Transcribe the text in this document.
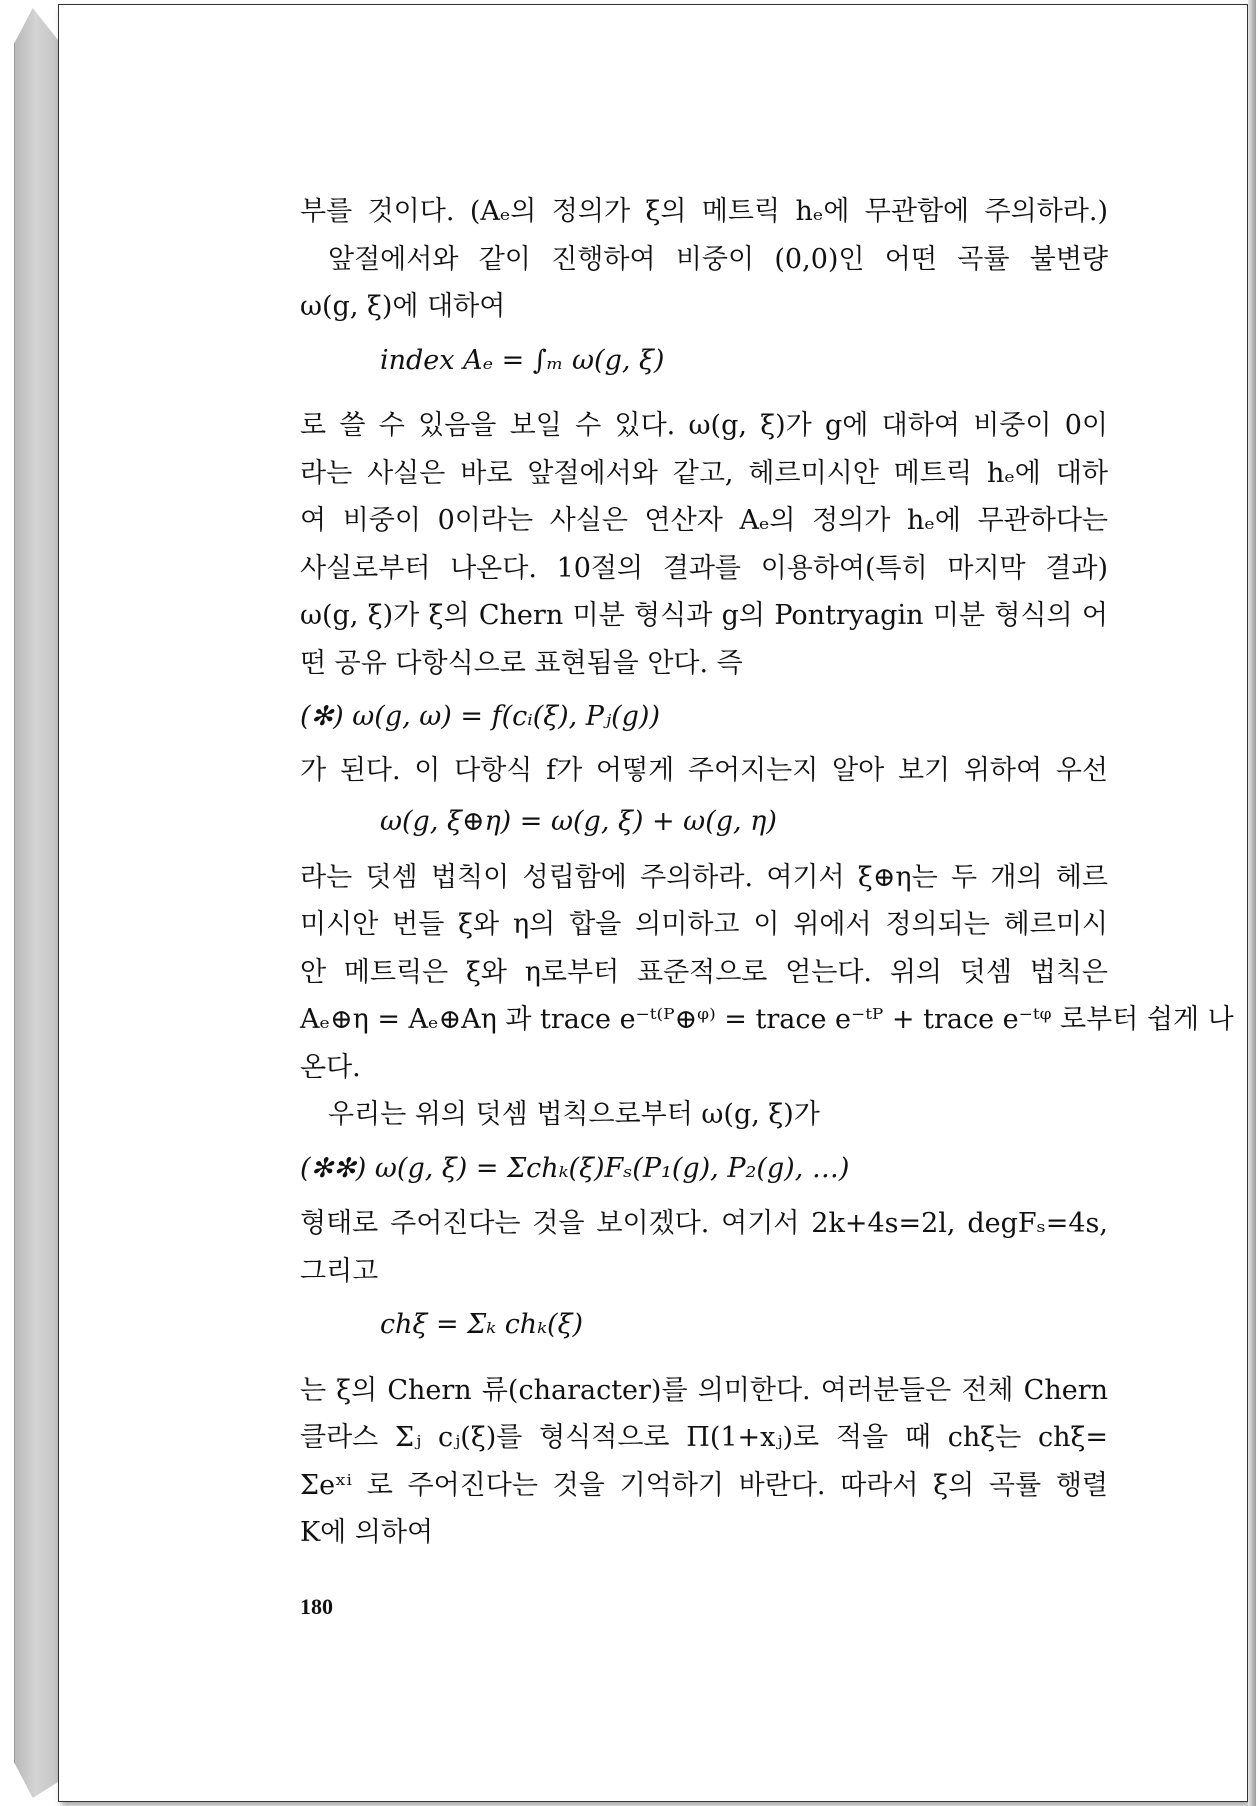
부를 것이다. (Aₑ의 정의가 ξ의 메트릭 hₑ에 무관함에 주의하라.)
앞절에서와 같이 진행하여 비중이 (0,0)인 어떤 곡률 불변량
ω(g, ξ)에 대하여
index Aₑ = ∫ₘ ω(g, ξ)
로 쓸 수 있음을 보일 수 있다. ω(g, ξ)가 g에 대하여 비중이 0이
라는 사실은 바로 앞절에서와 같고, 헤르미시안 메트릭 hₑ에 대하
여 비중이 0이라는 사실은 연산자 Aₑ의 정의가 hₑ에 무관하다는
사실로부터 나온다. 10절의 결과를 이용하여(특히 마지막 결과)
ω(g, ξ)가 ξ의 Chern 미분 형식과 g의 Pontryagin 미분 형식의 어
떤 공유 다항식으로 표현됨을 안다. 즉
(✻) ω(g, ω) = f(cᵢ(ξ), Pⱼ(g))
가 된다. 이 다항식 f가 어떻게 주어지는지 알아 보기 위하여 우선
ω(g, ξ⊕η) = ω(g, ξ) + ω(g, η)
라는 덧셈 법칙이 성립함에 주의하라. 여기서 ξ⊕η는 두 개의 헤르
미시안 번들 ξ와 η의 합을 의미하고 이 위에서 정의되는 헤르미시
안 메트릭은 ξ와 η로부터 표준적으로 얻는다. 위의 덧셈 법칙은
Aₑ⊕η = Aₑ⊕Aη 과 trace e⁻ᵗ⁽ᴾ⊕ᵠ⁾ = trace e⁻ᵗᴾ + trace e⁻ᵗᵠ 로부터 쉽게 나
온다.
우리는 위의 덧셈 법칙으로부터 ω(g, ξ)가
(✻✻) ω(g, ξ) = Σchₖ(ξ)Fₛ(P₁(g), P₂(g), …)
형태로 주어진다는 것을 보이겠다. 여기서 2k+4s=2l, degFₛ=4s,
그리고
chξ = Σₖ chₖ(ξ)
는 ξ의 Chern 류(character)를 의미한다. 여러분들은 전체 Chern
클라스 Σⱼ cⱼ(ξ)를 형식적으로 Π(1+xⱼ)로 적을 때 chξ는 chξ=
Σeˣⁱ 로 주어진다는 것을 기억하기 바란다. 따라서 ξ의 곡률 행렬
K에 의하여
180
